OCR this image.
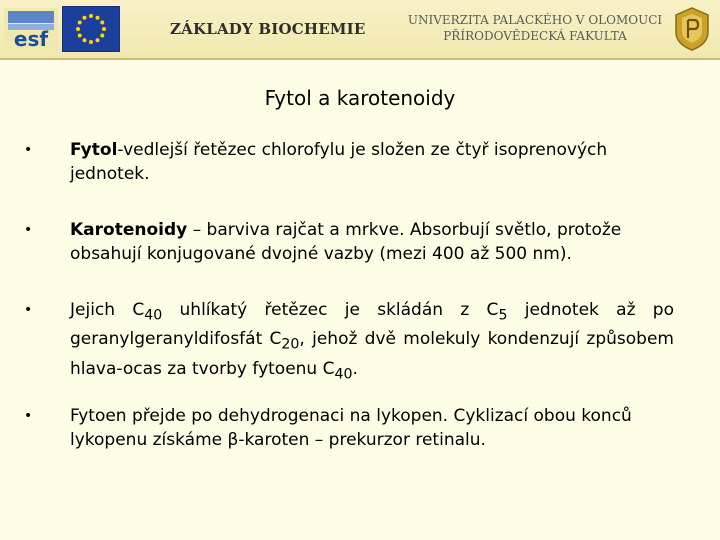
esf	ZÁKLADY BIOCHEMIE	UNIVERZITA PALACKÉHO V OLOMOUCI
PŘÍRODOVĚDECKÁ FAKULTA
Fytol a karotenoidy
•	Fytol-vedlejší řetězec chlorofylu je složen ze čtyř isoprenových jednotek.
•	Karotenoidy – barviva rajčat a mrkve. Absorbují světlo, protože obsahují konjugované dvojné vazby (mezi 400 až 500 nm).
•	Jejich $C_{40}$ uhlíkatý řetězec je skládán z $C_5$ jednotek až po geranylgeranyldifosfát $C_{20}$, jehož dvě molekuly kondenzují způsobem hlava-ocas za tvorby fytoenu $C_{40}$.
•	Fytoen přejde po dehydrogenaci na lykopen. Cyklizací obou konců lykopenu získáme β-karoten – prekurzor retinalu.
